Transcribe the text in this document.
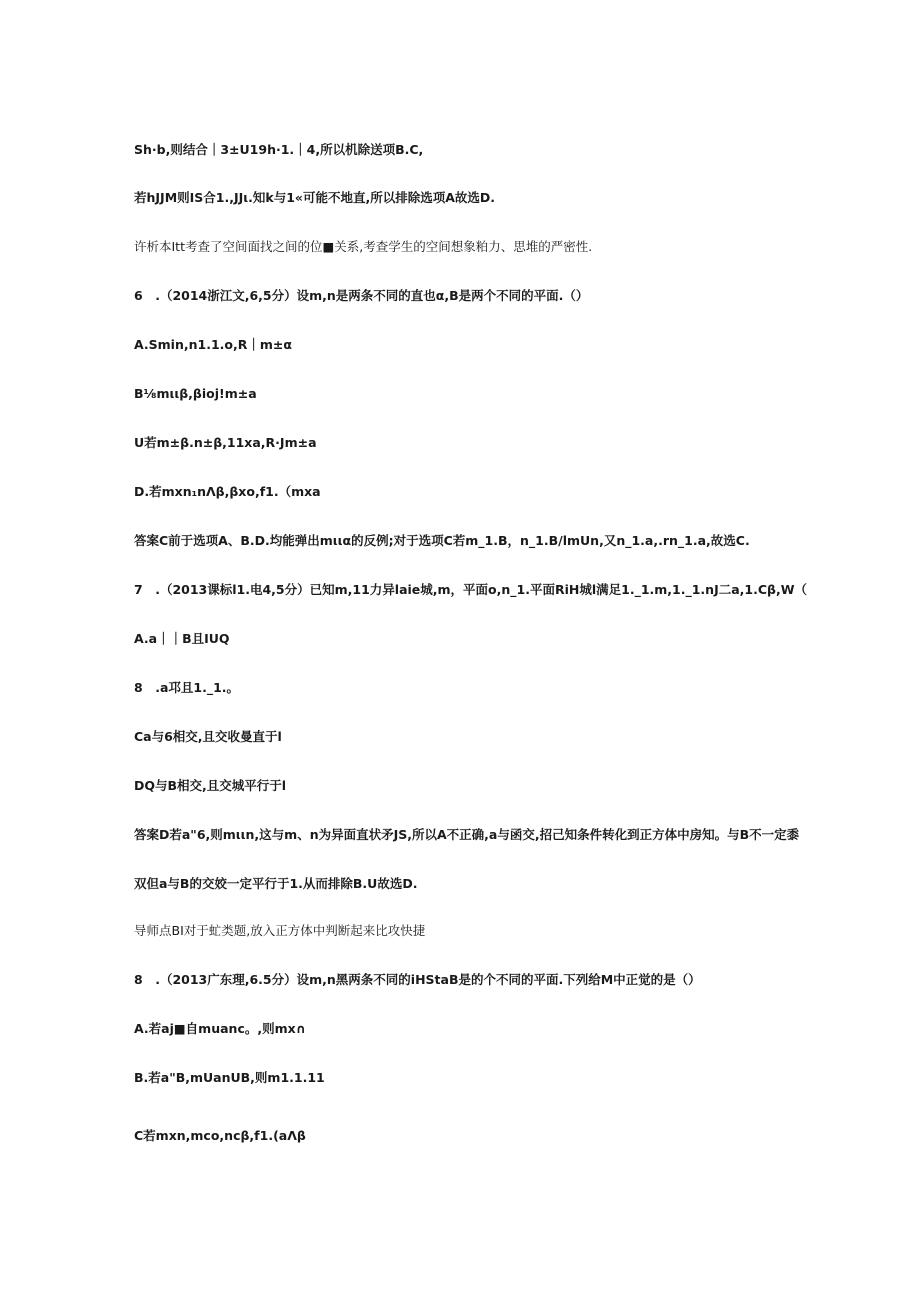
Sh·b,则结合｜3±U19h·1.｜4,所以机除送项B.C,
若hJJM则IS合1.,JJι.知k与1«可能不地直,所以排除选项A故选D.
许析本Itt考查了空间面找之间的位■关系,考查学生的空间想象粕力、思堆的严密性.
6　.（2014浙江文,6,5分）设m,n是两条不同的直也α,B是两个不同的平面.（）
A.Smin,n1.1.o,R｜m±α
B⅛mιιβ,βioj!m±a
U若m±β.n±β,11xa,R·Jm±a
D.若mxn₁nΛβ,βxo,f1.（mxa
答案C前于选项A、B.D.均能弹出mιια的反例;对于选项C若m_1.B，n_1.B/lmUn,又n_1.a,.rn_1.a,故选C.
7　.（2013课标l1.电4,5分）已知m,11力异laie城,m，平面o,n_1.平面RiH城l满足1._1.m,1._1.nJ二a,1.Cβ,W（
A.a｜｜B且IUQ
8　.a邛且1._1.。
Ca与6相交,且交收曼直于l
DQ与B相交,且交城平行于l
答案D若a"6,则mιιn,这与m、n为异面直状矛JS,所以A不正确,a与函交,招己知条件转化到正方体中房知。与B不一定黍
双但a与B的交姣一定平行于1.从而排除B.U故选D.
导师点BI对于虻类题,放入正方体中判断起来比攻快捷
8　.（2013广东理,6.5分）设m,n黑两条不同的iHStaB是的个不同的平面.下列给M中正觉的是（）
A.若aj■自muanc。,则mx∩
B.若a"B,mUanUB,则m1.1.11
C若mxn,mco,ncβ,f1.(aΛβ
